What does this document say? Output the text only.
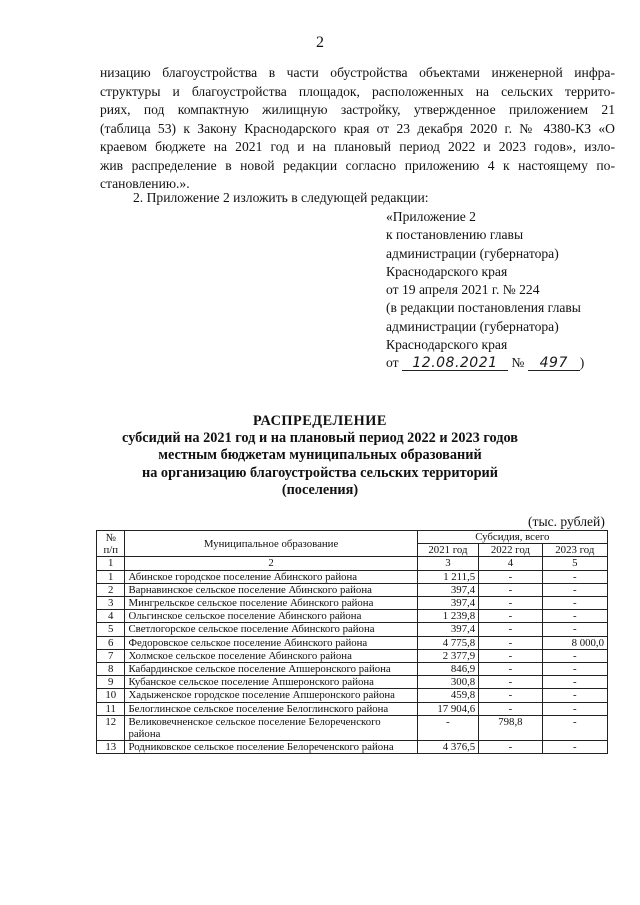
2
низацию благоустройства в части обустройства объектами инженерной инфра-
структуры и благоустройства площадок, расположенных на сельских террито-
риях, под компактную жилищную застройку, утвержденное приложением 21
(таблица 53) к Закону Краснодарского края от 23 декабря 2020 г. № 4380-КЗ «О
краевом бюджете на 2021 год и на плановый период 2022 и 2023 годов», изло-
жив распределение в новой редакции согласно приложению 4 к настоящему по-
становлению.».
2. Приложение 2 изложить в следующей редакции:
«Приложение 2
к постановлению главы
администрации (губернатора)
Краснодарского края
от 19 апреля 2021 г. № 224
(в редакции постановления главы
администрации (губернатора)
Краснодарского края
от 12.08.2021 № 497 )
РАСПРЕДЕЛЕНИЕ
субсидий на 2021 год и на плановый период 2022 и 2023 годов
местным бюджетам муниципальных образований
на организацию благоустройства сельских территорий
(поселения)
(тыс. рублей)
№ п/п	Муниципальное образование	Субсидия, всего		
		2021 год	2022 год	2023 год
1	2	3	4	5
1	Абинское городское поселение Абинского района	1 211,5	-	-
2	Варнавинское сельское поселение Абинского района	397,4	-	-
3	Мингрельское сельское поселение Абинского района	397,4	-	-
4	Ольгинское сельское поселение Абинского района	1 239,8	-	-
5	Светлогорское сельское поселение Абинского района	397,4	-	-
6	Федоровское сельское поселение Абинского района	4 775,8	-	8 000,0
7	Холмское сельское поселение Абинского района	2 377,9	-	-
8	Кабардинское сельское поселение Апшеронского района	846,9	-	-
9	Кубанское сельское поселение Апшеронского района	300,8	-	-
10	Хадыженское городское поселение Апшеронского района	459,8	-	-
11	Белоглинское сельское поселение Белоглинского района	17 904,6	-	-
12	Великовечненское сельское поселение Белореченского района	-	798,8	-
13	Родниковское сельское поселение Белореченского района	4 376,5	-	-
